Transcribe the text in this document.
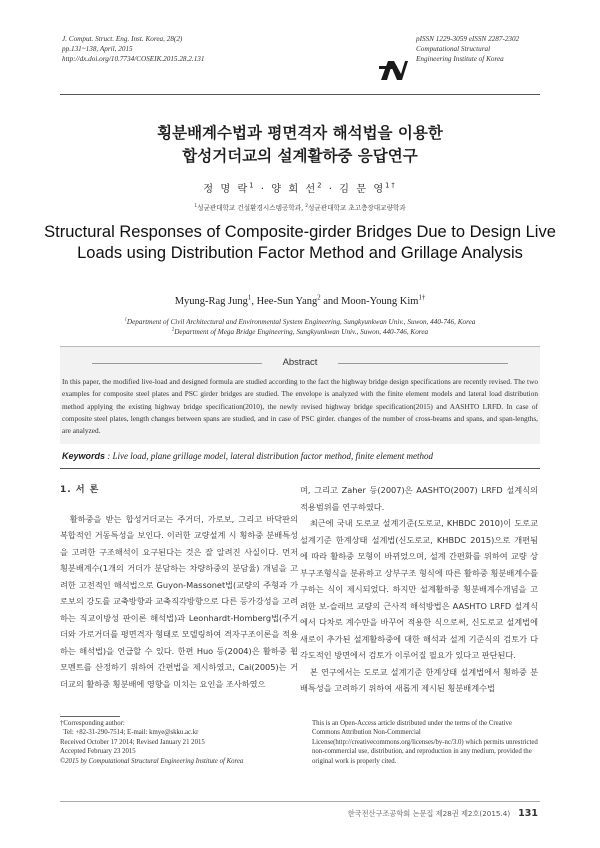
J. Comput. Struct. Eng. Inst. Korea, 28(2)
pp.131~138, April, 2015
http://dx.doi.org/10.7734/COSEIK.2015.28.2.131
pISSN 1229-3059 eISSN 2287-2302
Computational Structural
Engineering Institute of Korea
횡분배계수법과 평면격자 해석법을 이용한
합성거더교의 설계활하중 응답연구
정 명 락$^1$ · 양 희 선$^2$ · 김 문 영$^{1\dagger}$
$^1$성균관대학교 건설환경시스템공학과, $^2$성균관대학교 초고층장대교량학과
Structural Responses of Composite-girder Bridges Due to Design Live Loads using Distribution Factor Method and Grillage Analysis
Myung-Rag Jung$^1$, Hee-Sun Yang$^2$ and Moon-Young Kim$^{1\dagger}$
$^1$Department of Civil Architectural and Environmental System Engineering, Sungkyunkwan Univ., Suwon, 440-746, Korea
$^2$Department of Mega Bridge Engineering, Sungkyunkwan Univ., Suwon, 440-746, Korea
Abstract
In this paper, the modified live-load and designed formula are studied according to the fact the highway bridge design specifications are recently revised. The two examples for composite steel plates and PSC girder bridges are studied. The envelope is analyzed with the finite element models and lateral load distribution method applying the existing highway bridge specification(2010), the newly revised highway bridge specification(2015) and AASHTO LRFD. In case of composite steel plates, length changes between spans are studied, and in case of PSC girder. changes of the number of cross-beams and spans, and span-lengths, are analyzed.
Keywords : Live load, plane grillage model, lateral distribution factor method, finite element method
1. 서 론

활하중을 받는 합성거더교는 주거더, 가로보, 그리고 바닥판의 복합적인 거동특성을 보인다. 이러한 교량설계 시 횡하중 분배특성을 고려한 구조해석이 요구된다는 것은 잘 알려진 사실이다. 먼저 횡분배계수(1개의 거더가 분담하는 차량하중의 분담율) 개념을 고려한 고전적인 해석법으로 Guyon-Massonet법(교량의 주형과 가로보의 강도를 교축방향과 교축직각방향으로 다른 등가강성을 고려하는 직교이방성 판이론 해석법)과 Leonhardt-Homberg법(주거더와 가로거더를 평면격자 형태로 모델링하여 격자구조이론을 적용하는 해석법)을 언급할 수 있다. 한편 Huo 등(2004)은 활하중 휨모멘트를 산정하기 위하여 간편법을 제시하였고, Cai(2005)는 거더교의 활하중 횡분배에 영향을 미치는 요인을 조사하였으

며, 그리고 Zaher 등(2007)은 AASHTO(2007) LRFD 설계식의 적용범위를 연구하였다.

최근에 국내 도로교 설계기준(도로교, KHBDC 2010)이 도로교 설계기준 한계상태 설계법(신도로교, KHBDC 2015)으로 개편됨에 따라 활하중 모형이 바뀌었으며, 설계 간편화를 위하여 교량 상부구조형식을 분류하고 상부구조 형식에 따른 활하중 횡분배계수를 구하는 식이 제시되었다. 하지만 설계활하중 횡분배계수개념을 고려한 보-슬래브 교량의 근사적 해석방법은 AASHTO LRFD 설계식에서 다차로 계수만을 바꾸어 적용한 식으로써, 신도로교 설계법에 새로이 추가된 설계활하중에 대한 해석과 설계 기준식의 검토가 다각도적인 방면에서 검토가 이루어질 필요가 있다고 판단된다.

본 연구에서는 도로교 설계기준 한계상태 설계법에서 횡하중 분배특성을 고려하기 위하여 새롭게 제시된 횡분배계수법

†Corresponding author:
Tel: +82-31-290-7514; E-mail: kmye@skku.ac.kr
Received October 17 2014; Revised January 21 2015
Accepted February 23 2015
©2015 by Computational Structural Engineering Institute of Korea
This is an Open-Access article distributed under the terms of the Creative Commons Attribution Non-Commercial License(http://creativecommons.org/licenses/by-nc/3.0) which permits unrestricted non-commercial use, distribution, and reproduction in any medium, provided the original work is properly cited.
한국전산구조공학회 논문집 제28권 제2호(2015.4) 131
